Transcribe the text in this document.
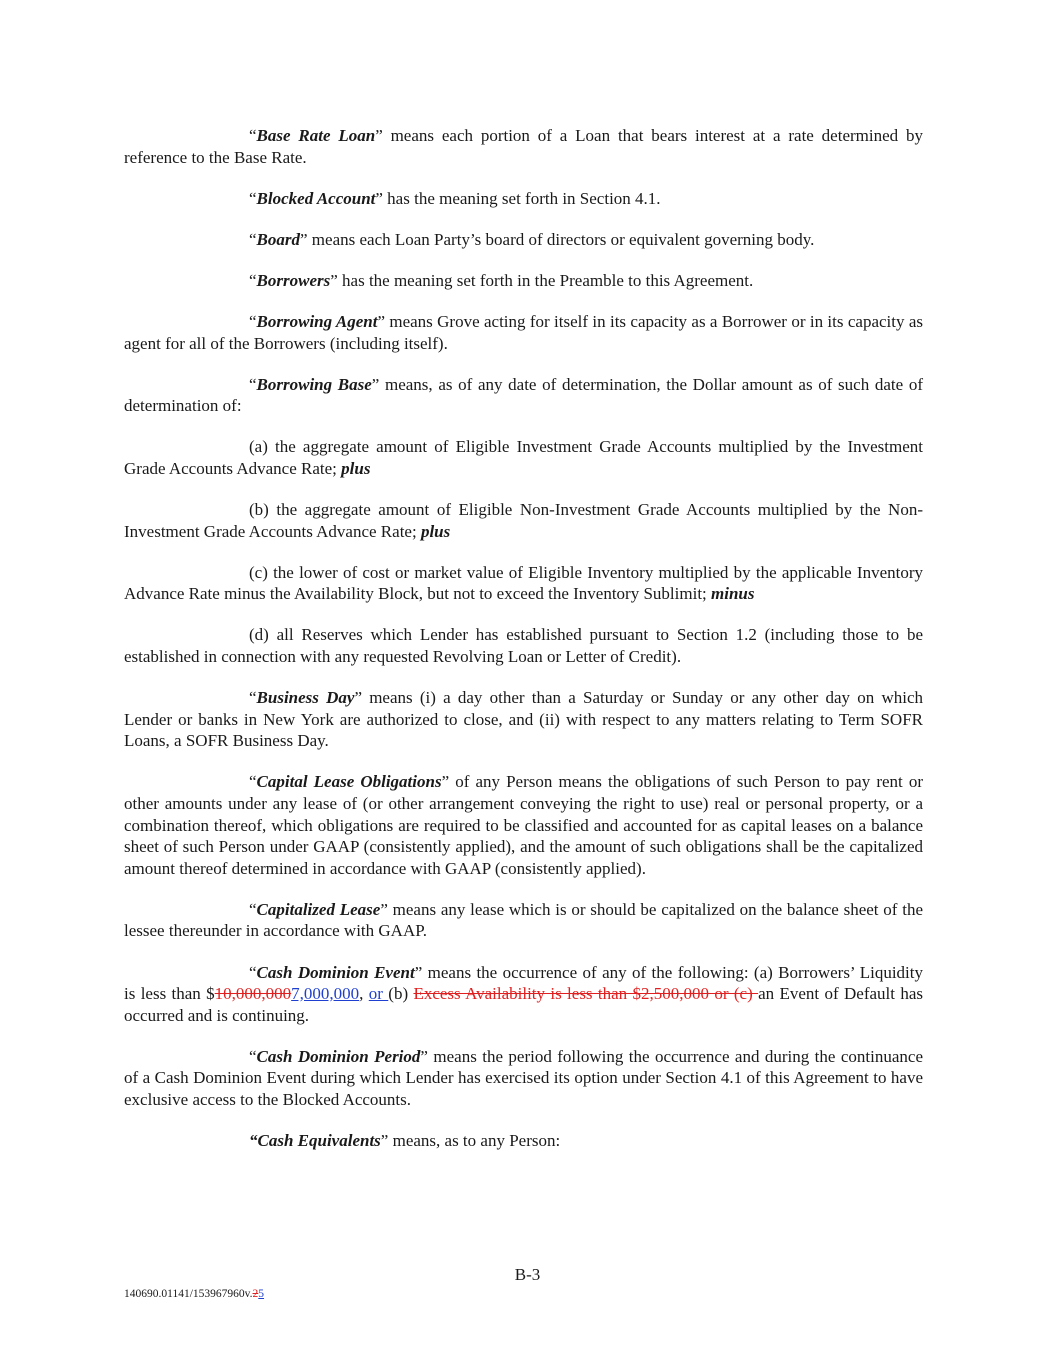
“Base Rate Loan” means each portion of a Loan that bears interest at a rate determined by reference to the Base Rate.

“Blocked Account” has the meaning set forth in Section 4.1.

“Board” means each Loan Party’s board of directors or equivalent governing body.

“Borrowers” has the meaning set forth in the Preamble to this Agreement.

“Borrowing Agent” means Grove acting for itself in its capacity as a Borrower or in its capacity as agent for all of the Borrowers (including itself).

“Borrowing Base” means, as of any date of determination, the Dollar amount as of such date of determination of:

(a) the aggregate amount of Eligible Investment Grade Accounts multiplied by the Investment Grade Accounts Advance Rate; plus

(b) the aggregate amount of Eligible Non-Investment Grade Accounts multiplied by the Non-Investment Grade Accounts Advance Rate; plus

(c) the lower of cost or market value of Eligible Inventory multiplied by the applicable Inventory Advance Rate minus the Availability Block, but not to exceed the Inventory Sublimit; minus

(d) all Reserves which Lender has established pursuant to Section 1.2 (including those to be established in connection with any requested Revolving Loan or Letter of Credit).

“Business Day” means (i) a day other than a Saturday or Sunday or any other day on which Lender or banks in New York are authorized to close, and (ii) with respect to any matters relating to Term SOFR Loans, a SOFR Business Day.

“Capital Lease Obligations” of any Person means the obligations of such Person to pay rent or other amounts under any lease of (or other arrangement conveying the right to use) real or personal property, or a combination thereof, which obligations are required to be classified and accounted for as capital leases on a balance sheet of such Person under GAAP (consistently applied), and the amount of such obligations shall be the capitalized amount thereof determined in accordance with GAAP (consistently applied).

“Capitalized Lease” means any lease which is or should be capitalized on the balance sheet of the lessee thereunder in accordance with GAAP.

“Cash Dominion Event” means the occurrence of any of the following: (a) Borrowers’ Liquidity is less than $10,000,0007,000,000, or (b) Excess Availability is less than $2,500,000 or (c) an Event of Default has occurred and is continuing.

“Cash Dominion Period” means the period following the occurrence and during the continuance of a Cash Dominion Event during which Lender has exercised its option under Section 4.1 of this Agreement to have exclusive access to the Blocked Accounts.

“Cash Equivalents” means, as to any Person:

B-3
140690.01141/153967960v.25
